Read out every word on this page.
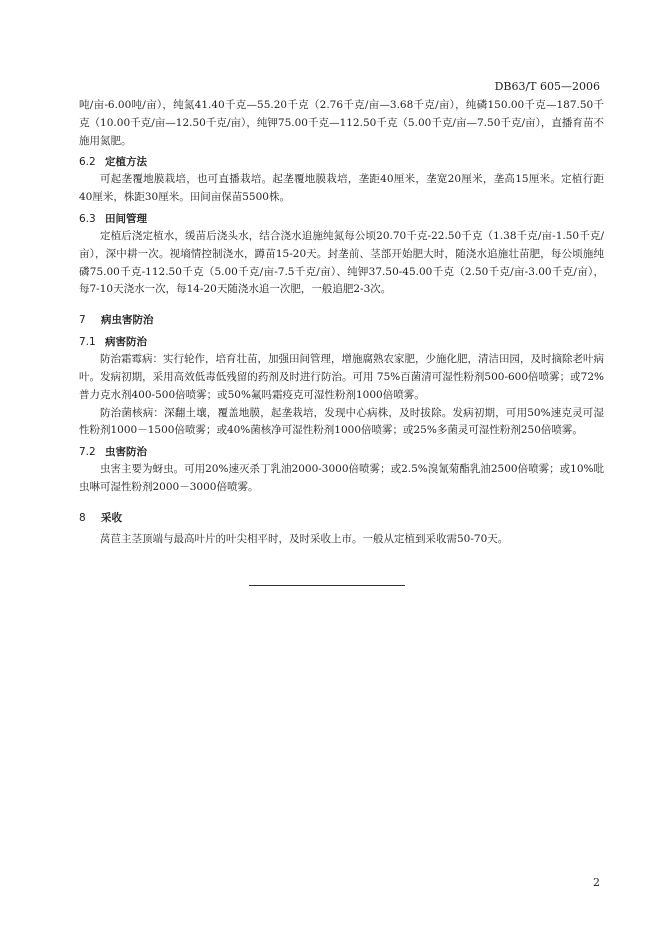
DB63/T 605—2006

吨/亩-6.00吨/亩），纯氮41.40千克—55.20千克（2.76千克/亩—3.68千克/亩），纯磷150.00千克—187.50千克（10.00千克/亩—12.50千克/亩），纯钾75.00千克—112.50千克（5.00千克/亩—7.50千克/亩），直播育苗不施用氮肥。

6.2 定植方法

可起垄覆地膜栽培，也可直播栽培。起垄覆地膜栽培，垄距40厘米，垄宽20厘米，垄高15厘米。定植行距40厘米，株距30厘米。田间亩保苗5500株。

6.3 田间管理

定植后浇定植水，缓苗后浇头水，结合浇水追施纯氮每公顷20.70千克-22.50千克（1.38千克/亩-1.50千克/亩），深中耕一次。视墒情控制浇水，蹲苗15-20天。封垄前、茎部开始肥大时，随浇水追施壮苗肥，每公顷施纯磷75.00千克-112.50千克（5.00千克/亩-7.5千克/亩）、纯钾37.50-45.00千克（2.50千克/亩-3.00千克/亩），每7-10天浇水一次，每14-20天随浇水追一次肥，一般追肥2-3次。

7 病虫害防治
7.1 病害防治

防治霜霉病：实行轮作，培育壮苗，加强田间管理，增施腐熟农家肥，少施化肥，清洁田园，及时摘除老叶病叶。发病初期，采用高效低毒低残留的药剂及时进行防治。可用 75%百菌清可湿性粉剂500-600倍喷雾；或72%普力克水剂400-500倍喷雾；或50%氟吗霜疫克可湿性粉剂1000倍喷雾。

防治菌核病：深翻土壤，覆盖地膜，起垄栽培，发现中心病株，及时拔除。发病初期，可用50%速克灵可湿性粉剂1000－1500倍喷雾；或40%菌核净可湿性粉剂1000倍喷雾；或25%多菌灵可湿性粉剂250倍喷雾。

7.2 虫害防治

虫害主要为蚜虫。可用20%速灭杀丁乳油2000-3000倍喷雾；或2.5%溴氰菊酯乳油2500倍喷雾；或10%吡虫啉可湿性粉剂2000－3000倍喷雾。

8 采收

莴苣主茎顶端与最高叶片的叶尖相平时，及时采收上市。一般从定植到采收需50-70天。

2
